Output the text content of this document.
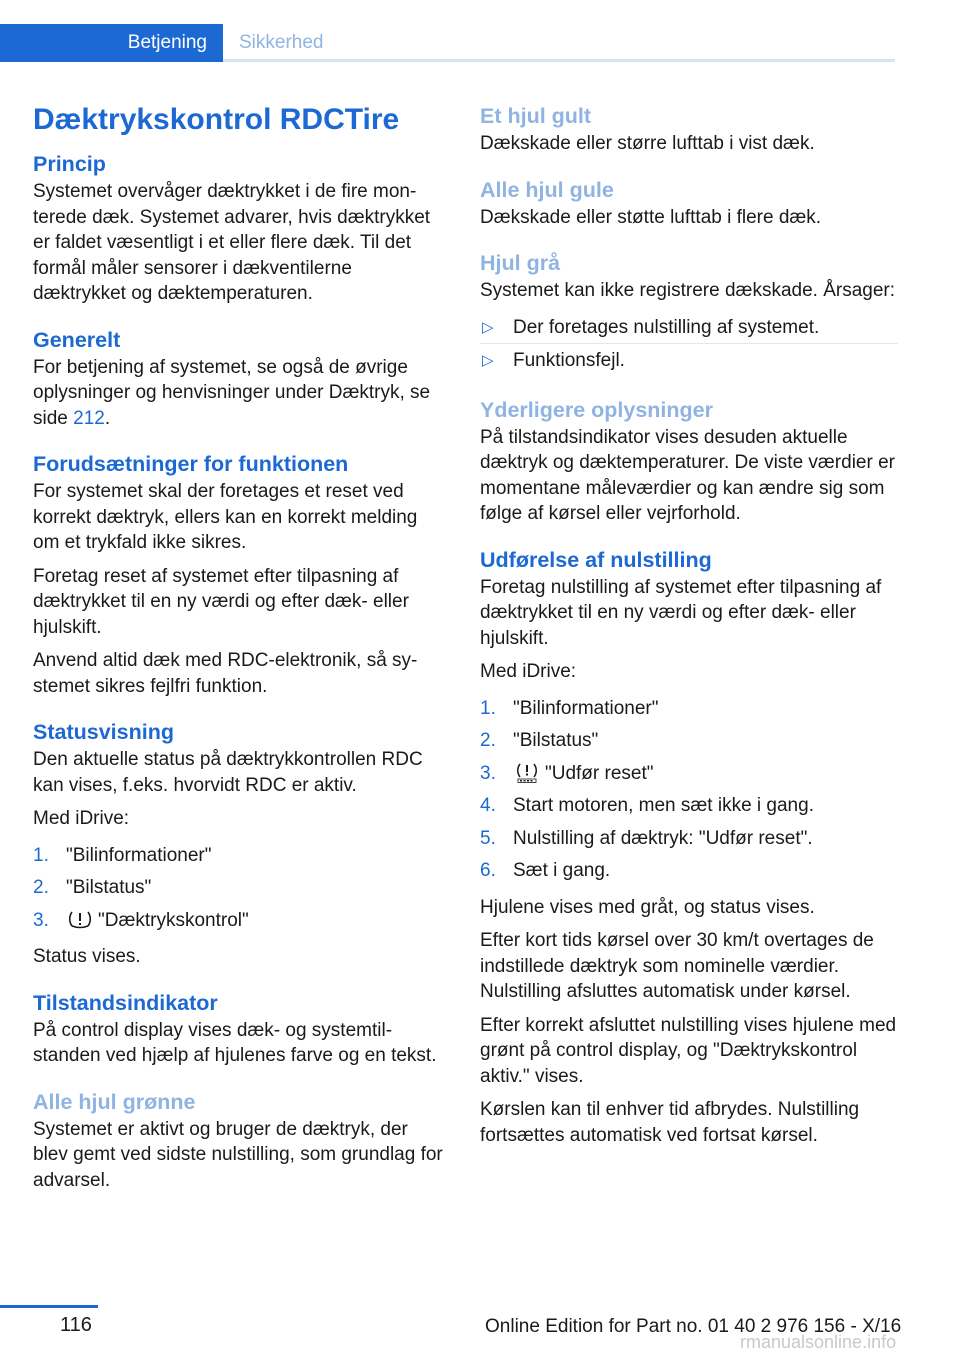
Betjening Sikkerhed
Dæktrykskontrol RDCTire
Princip

Systemet overvåger dæktrykket i de fire monterede dæk. Systemet advarer, hvis dæktrykket er faldet væsentligt i et eller flere dæk. Til det formål måler sensorer i dækventilerne dæktrykket og dæktemperaturen.

Generelt

For betjening af systemet, se også de øvrige oplysninger og henvisninger under Dæktryk, se side 212.

Forudsætninger for funktionen

For systemet skal der foretages et reset ved korrekt dæktryk, ellers kan en korrekt melding om et trykfald ikke sikres.

Foretag reset af systemet efter tilpasning af dæktrykket til en ny værdi og efter dæk- eller hjulskift.

Anvend altid dæk med RDC-elektronik, så systemet sikres fejlfri funktion.

Statusvisning

Den aktuelle status på dæktrykkontrollen RDC kan vises, f.eks. hvorvidt RDC er aktiv.

Med iDrive:

1. "Bilinformationer"
2. "Bilstatus"
3.	"Dæktrykskontrol"

Status vises.

Tilstandsindikator

På control display vises dæk- og systemtilstanden ved hjælp af hjulenes farve og en tekst.

Alle hjul grønne

Systemet er aktivt og bruger de dæktryk, der blev gemt ved sidste nulstilling, som grundlag for advarsel.

Et hjul gult

Dækskade eller større lufttab i vist dæk.

Alle hjul gule

Dækskade eller støtte lufttab i flere dæk.

Hjul grå

Systemet kan ikke registrere dækskade. Årsager:

▷ Der foretages nulstilling af systemet.
▷ Funktionsfejl.
Yderligere oplysninger

På tilstandsindikator vises desuden aktuelle dæktryk og dæktemperaturer. De viste værdier er momentane måleværdier og kan ændre sig som følge af kørsel eller vejrforhold.

Udførelse af nulstilling

Foretag nulstilling af systemet efter tilpasning af dæktrykket til en ny værdi og efter dæk- eller hjulskift.

Med iDrive:

1. "Bilinformationer"
2. "Bilstatus"
3.	"Udfør reset"
4. Start motoren, men sæt ikke i gang.
5. Nulstilling af dæktryk: "Udfør reset".
6. Sæt i gang.

Hjulene vises med gråt, og status vises.

Efter kort tids kørsel over 30 km/t overtages de indstillede dæktryk som nominelle værdier. Nulstilling afsluttes automatisk under kørsel.

Efter korrekt afsluttet nulstilling vises hjulene med grønt på control display, og "Dæktrykskontrol aktiv." vises.

Kørslen kan til enhver tid afbrydes. Nulstilling fortsættes automatisk ved fortsat kørsel.

116	Online Edition for Part no. 01 40 2 976 156 - X/16
rmanualsonline.info
